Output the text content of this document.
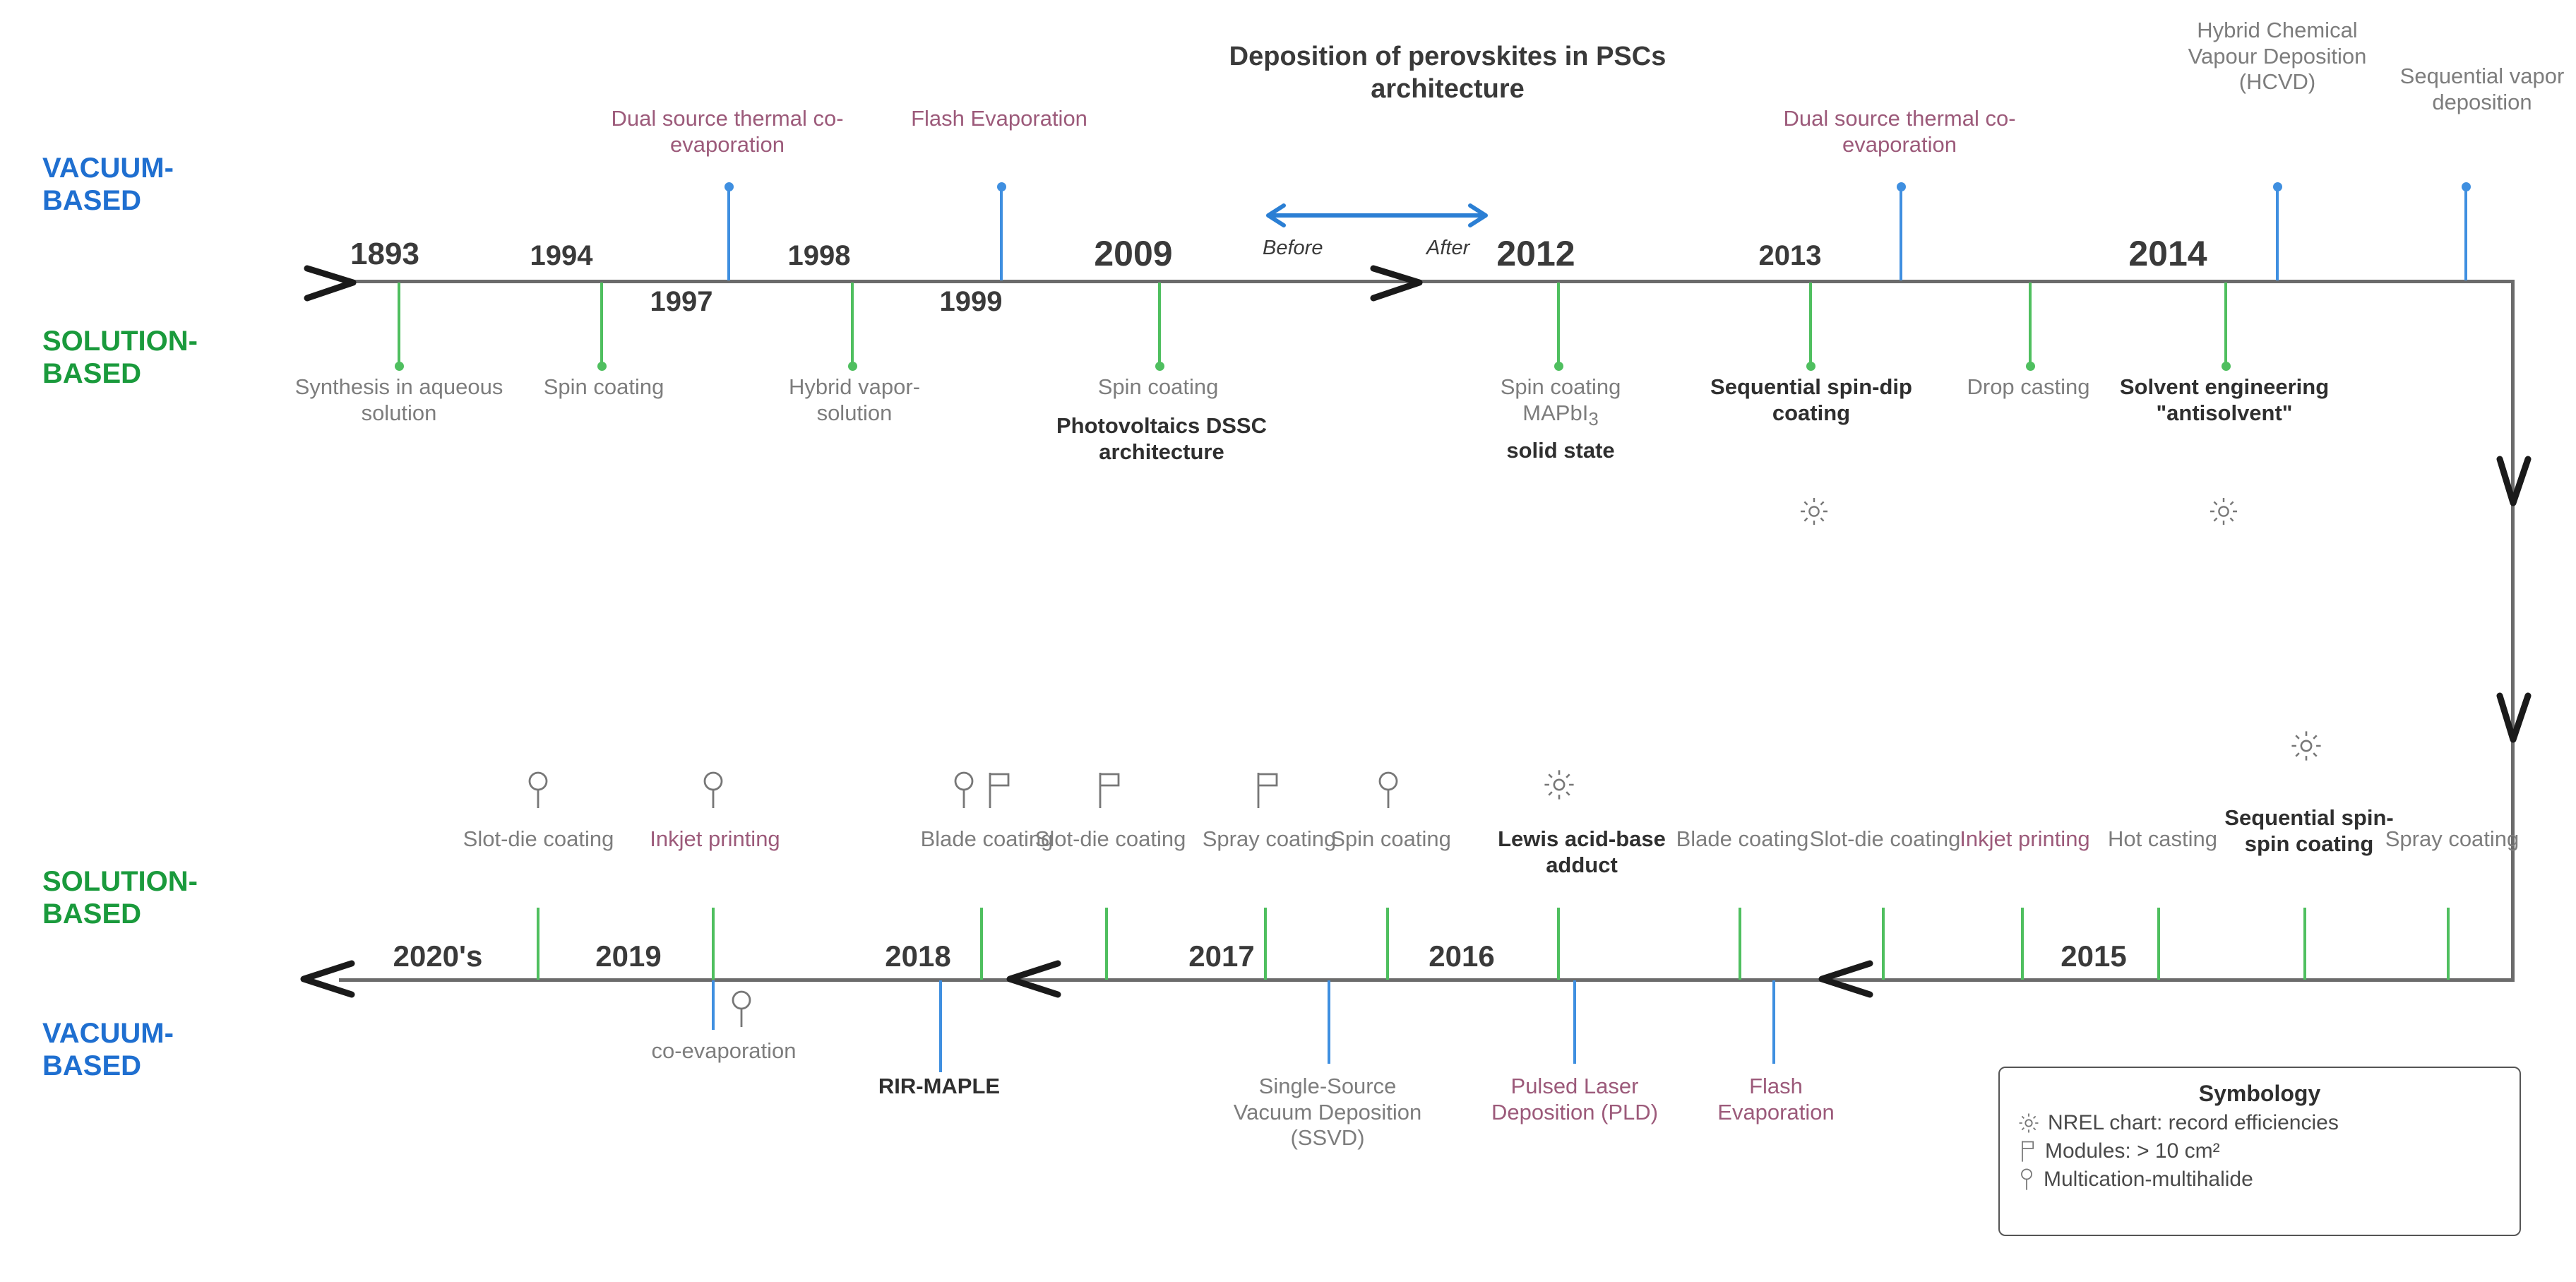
VACUUM-
BASED
SOLUTION-
BASED
Deposition of perovskites in PSCs architecture
Before	After
1893	1994
1997
1998
1999
2009	2012	2013	2014
Dual source thermal co-evaporation
Flash Evaporation	Dual source thermal co-evaporation
Hybrid Chemical Vapour Deposition (HCVD)	Sequential vapor deposition
Synthesis in aqueous solution
Spin coating	Hybrid vapor-solution
Spin coating
Photovoltaics DSSC architecture
Spin coating
MAPbI$_3$
solid state
Sequential spin-dip coating
Drop casting	Solvent engineering "antisolvent"
SOLUTION-
BASED
VACUUM-
BASED
2020's	2019	2018	2017	2016	2015
Slot-die coating	Inkjet printing	Blade coating
Slot-die coating Spray coating
Spin coating	Lewis acid-base adduct
Blade coating Slot-die coating
Inkjet printing Hot casting
Sequential spin-spin coating Spray coating
co-evaporation
RIR-MAPLE	Single-Source Vacuum Deposition (SSVD)
Pulsed Laser Deposition (PLD)
Flash Evaporation
Symbology
NREL chart: record efficiencies
Modules: > 10 cm²
Multication-multihalide
